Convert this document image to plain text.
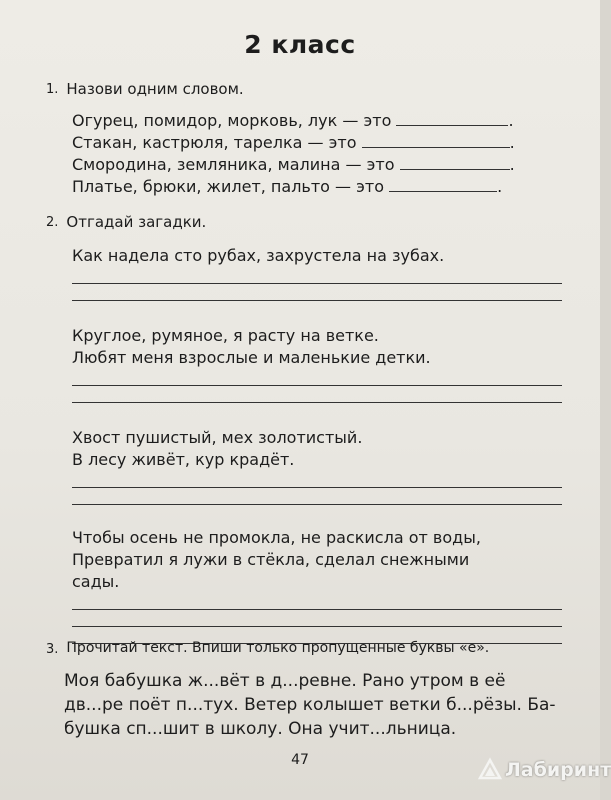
2 класс
1. Назови одним словом.
Огурец, помидор, морковь, лук — это	.
Стакан, кастрюля, тарелка — это	.
Смородина, земляника, малина — это	.
Платье, брюки, жилет, пальто — это	.
2. Отгадай загадки.
Как надела сто рубах, захрустела на зубах.
Круглое, румяное, я расту на ветке.
Любят меня взрослые и маленькие детки.
Хвост пушистый, мех золотистый.
В лесу живёт, кур крадёт.
Чтобы осень не промокла, не раскисла от воды,
Превратил я лужи в стёкла, сделал снежными
сады.
3. Прочитай текст. Впиши только пропущенные буквы «е».
Моя бабушка ж...вёт в д...ревне. Рано утром в её
дв...ре поёт п...тух. Ветер колышет ветки б...рёзы. Ба-
бушка сп...шит в школу. Она учит...льница.
47	Лабиринт
